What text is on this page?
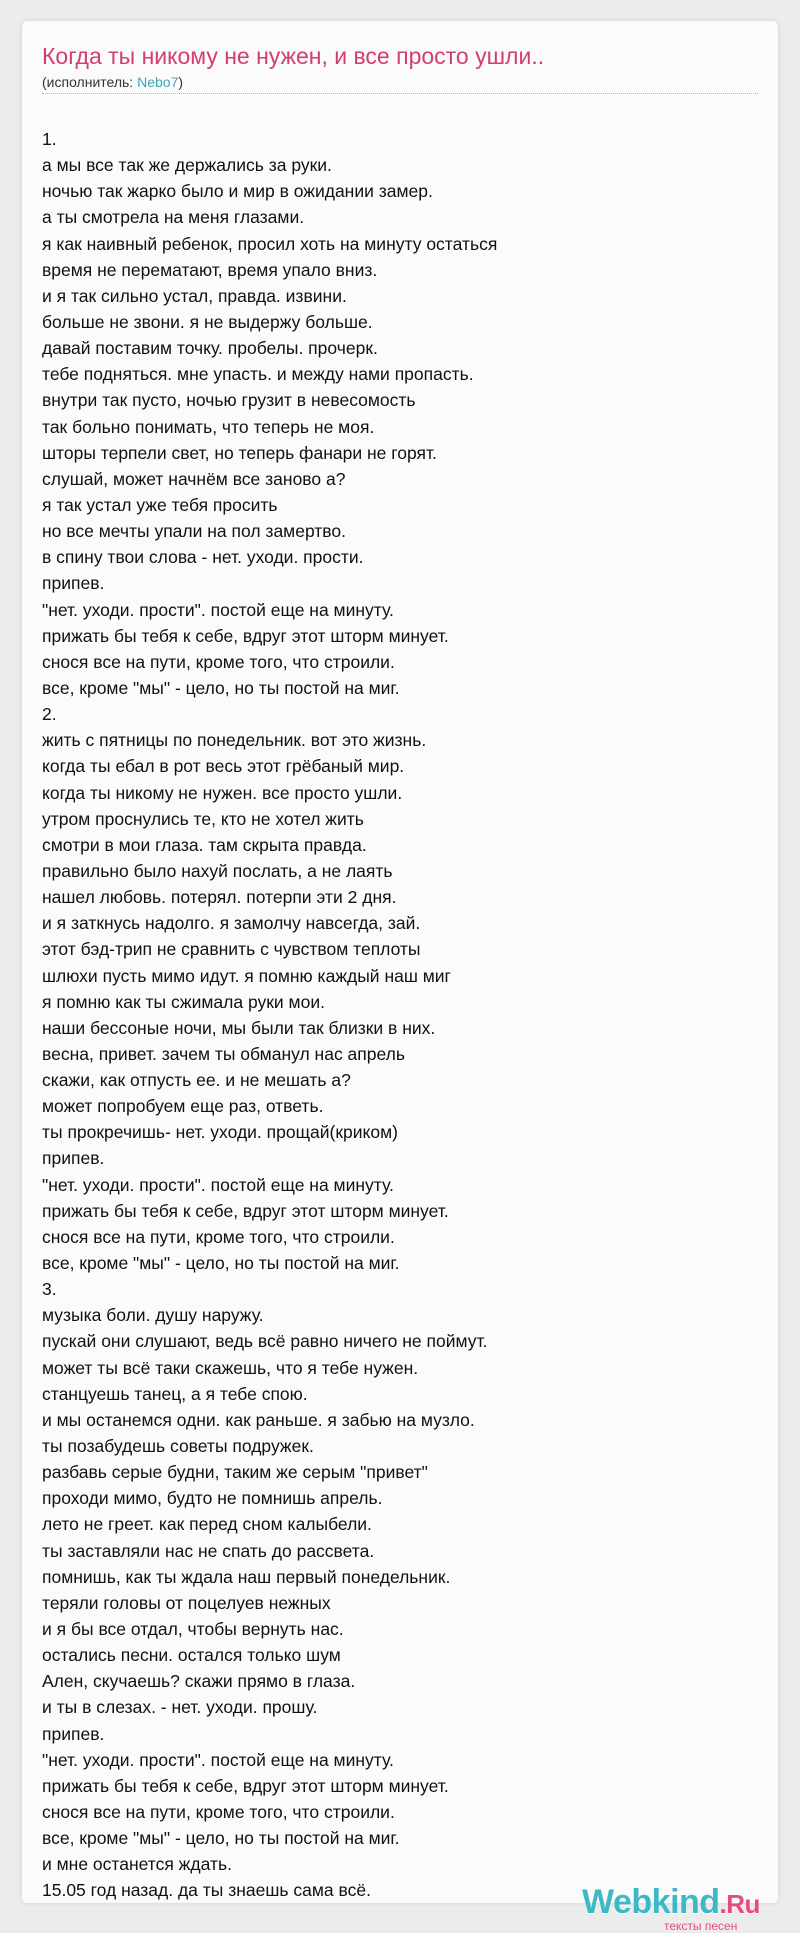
Когда ты никому не нужен, и все просто ушли..
(исполнитель: Nebo7)
1.
а мы все так же держались за руки.
ночью так жарко было и мир в ожидании замер.
а ты смотрела на меня глазами.
я как наивный ребенок, просил хоть на минуту остаться
время не перематают, время упало вниз.
и я так сильно устал, правда. извини.
больше не звони. я не выдержу больше.
давай поставим точку. пробелы. прочерк.
тебе подняться. мне упасть. и между нами пропасть.
внутри так пусто, ночью грузит в невесомость
так больно понимать, что теперь не моя.
шторы терпели свет, но теперь фанари не горят.
слушай, может начнём все заново а?
я так устал уже тебя просить
но все мечты упали на пол замертво.
в спину твои слова - нет. уходи. прости.
припев.
"нет. уходи. прости". постой еще на минуту.
прижать бы тебя к себе, вдруг этот шторм минует.
снося все на пути, кроме того, что строили.
все, кроме "мы" - цело, но ты постой на миг.
2.
жить с пятницы по понедельник. вот это жизнь.
когда ты ебал в рот весь этот грёбаный мир.
когда ты никому не нужен. все просто ушли.
утром проснулись те, кто не хотел жить
смотри в мои глаза. там скрыта правда.
правильно было нахуй послать, а не лаять
нашел любовь. потерял. потерпи эти 2 дня.
и я заткнусь надолго. я замолчу навсегда, зай.
этот бэд-трип не сравнить с чувством теплоты
шлюхи пусть мимо идут. я помню каждый наш миг
я помню как ты сжимала руки мои.
наши бессоные ночи, мы были так близки в них.
весна, привет. зачем ты обманул нас апрель
скажи, как отпусть ее. и не мешать а?
может попробуем еще раз, ответь.
ты прокречишь- нет. уходи. прощай(криком)
припев.
"нет. уходи. прости". постой еще на минуту.
прижать бы тебя к себе, вдруг этот шторм минует.
снося все на пути, кроме того, что строили.
все, кроме "мы" - цело, но ты постой на миг.
3.
музыка боли. душу наружу.
пускай они слушают, ведь всё равно ничего не поймут.
может ты всё таки скажешь, что я тебе нужен.
станцуешь танец, а я тебе спою.
и мы останемся одни. как раньше. я забью на музло.
ты позабудешь советы подружек.
разбавь серые будни, таким же серым "привет"
проходи мимо, будто не помнишь апрель.
лето не греет. как перед сном калыбели.
ты заставляли нас не спать до рассвета.
помнишь, как ты ждала наш первый понедельник.
теряли головы от поцелуев нежных
и я бы все отдал, чтобы вернуть нас.
остались песни. остался только шум
Ален, скучаешь? скажи прямо в глаза.
и ты в слезах. - нет. уходи. прошу.
припев.
"нет. уходи. прости". постой еще на минуту.
прижать бы тебя к себе, вдруг этот шторм минует.
снося все на пути, кроме того, что строили.
все, кроме "мы" - цело, но ты постой на миг.
и мне останется ждать.
15.05 год назад. да ты знаешь сама всё.	Webkind.Ru
тексты песен
